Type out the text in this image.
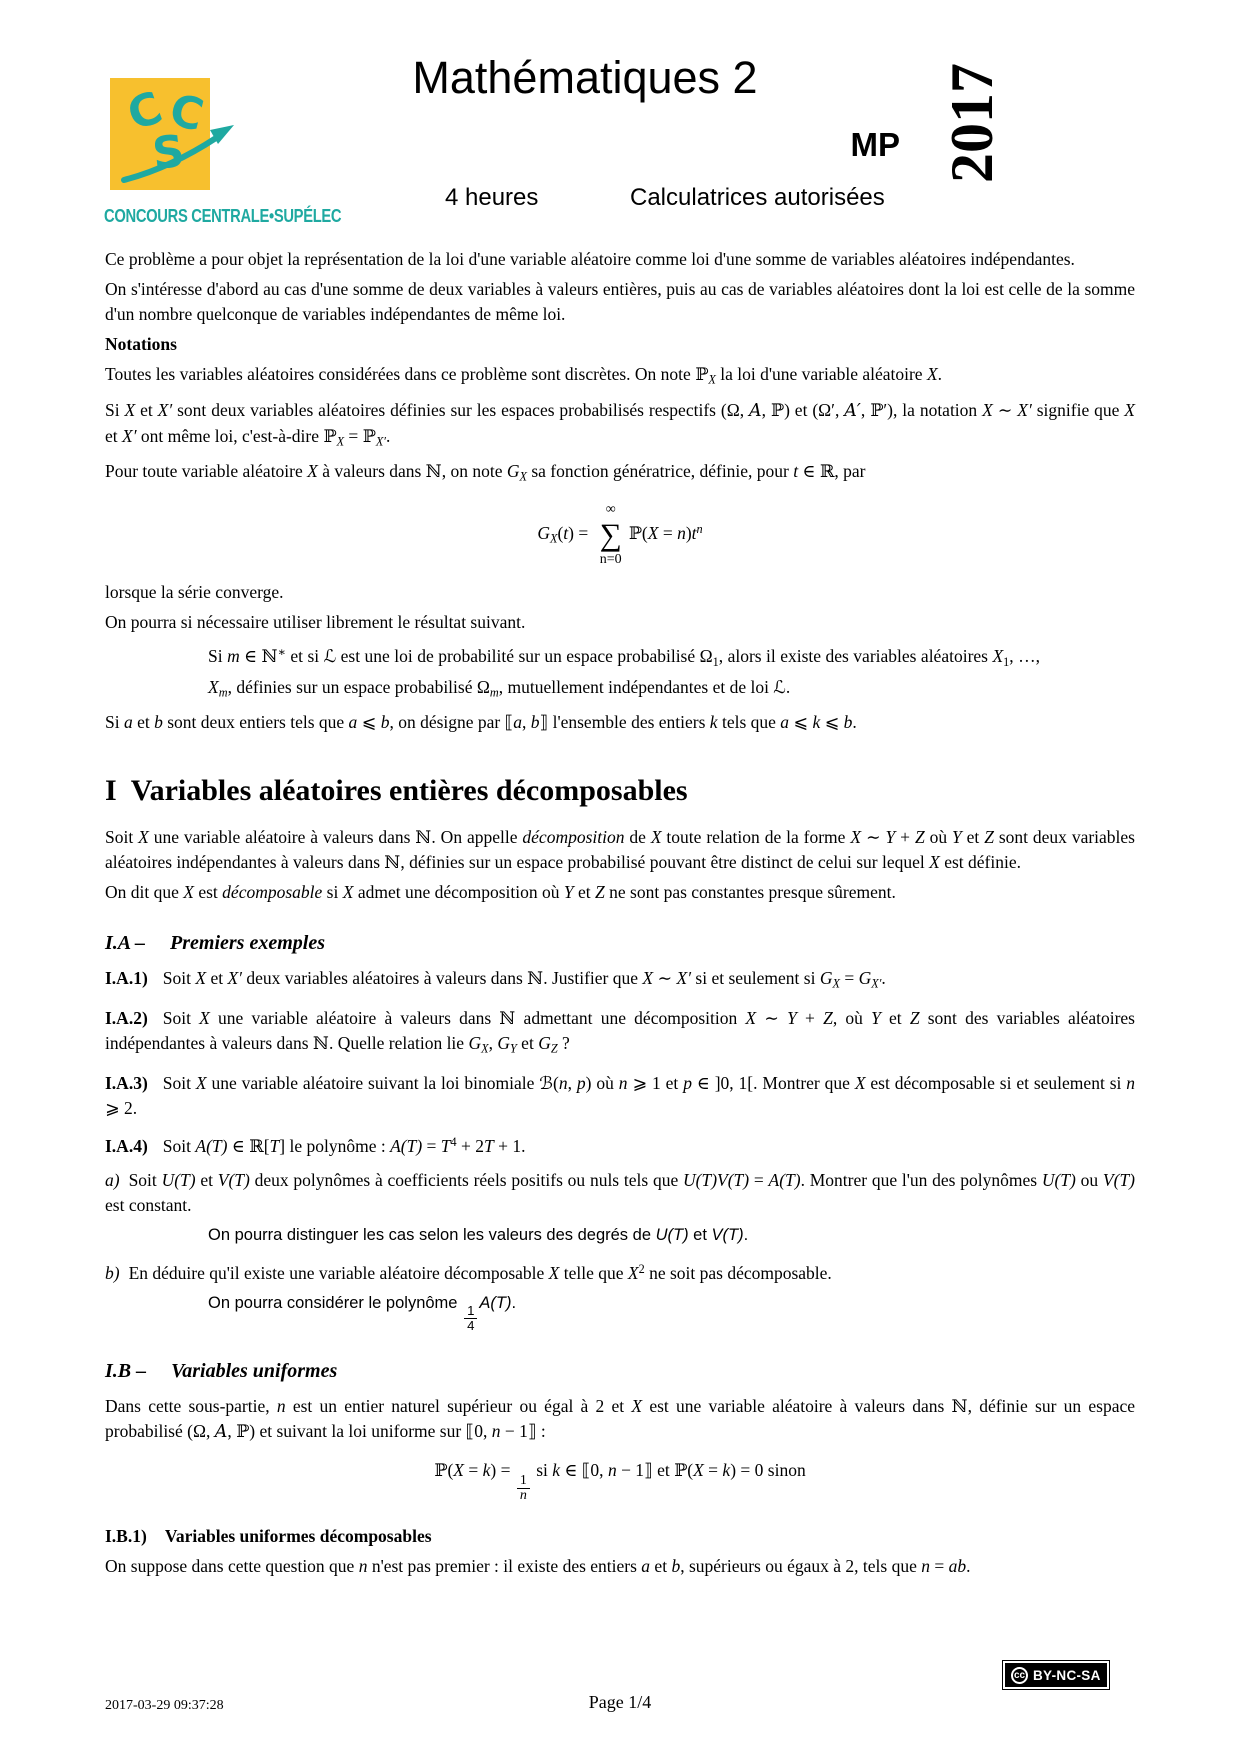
C
C
S
CONCOURS CENTRALE•SUPÉLEC
Mathématiques 2
MP 2017
4 heures	Calculatrices autorisées
Ce problème a pour objet la représentation de la loi d'une variable aléatoire comme loi d'une somme de variables aléatoires indépendantes.
On s'intéresse d'abord au cas d'une somme de deux variables à valeurs entières, puis au cas de variables aléatoires dont la loi est celle de la somme d'un nombre quelconque de variables indépendantes de même loi.
Notations
Toutes les variables aléatoires considérées dans ce problème sont discrètes. On note ℙ$_X$ la loi d'une variable aléatoire X.
Si X et X′ sont deux variables aléatoires définies sur les espaces probabilisés respectifs (Ω, A, ℙ) et (Ω′, A′, ℙ′), la notation X ∼ X′ signifie que X et X′ ont même loi, c'est-à-dire ℙ$_X$ = ℙ$_{X'}$.
Pour toute variable aléatoire X à valeurs dans ℕ, on note $G_X$ sa fonction génératrice, définie, pour t ∈ ℝ, par
$G_X(t)$ =
∞
∑
n=0
ℙ(X = $n)t^n$
lorsque la série converge.
On pourra si nécessaire utiliser librement le résultat suivant.
Si m ∈ ℕ∗ et si ℒ est une loi de probabilité sur un espace probabilisé $\Omega_1$, alors il existe des variables aléatoires $X_1$, …, $X_m$, définies sur un espace probabilisé $\Omega_m$, mutuellement indépendantes et de loi ℒ.
Si a et b sont deux entiers tels que a ⩽ b, on désigne par ⟦a, b⟧ l'ensemble des entiers k tels que a ⩽ k ⩽ b.
I Variables aléatoires entières décomposables
Soit X une variable aléatoire à valeurs dans ℕ. On appelle décomposition de X toute relation de la forme X ∼ Y + Z où Y et Z sont deux variables aléatoires indépendantes à valeurs dans ℕ, définies sur un espace probabilisé pouvant être distinct de celui sur lequel X est définie.
On dit que X est décomposable si X admet une décomposition où Y et Z ne sont pas constantes presque sûrement.
I.A – Premiers exemples
I.A.1) Soit X et X′ deux variables aléatoires à valeurs dans ℕ. Justifier que X ∼ X′ si et seulement si $G_X = G_{X'}$.
I.A.2) Soit X une variable aléatoire à valeurs dans ℕ admettant une décomposition X ∼ Y + Z, où Y et Z sont des variables aléatoires indépendantes à valeurs dans ℕ. Quelle relation lie $G_X$, $G_Y$ et $G_Z$ ?
I.A.3) Soit X une variable aléatoire suivant la loi binomiale ℬ(n, p) où n ⩾ 1 et p ∈ ]0, 1[. Montrer que X est décomposable si et seulement si n ⩾ 2.
I.A.4) Soit A(T) ∈ ℝ[T] le polynôme : $A(T) = T^4 + 2T + 1$.
a) Soit U(T) et V(T) deux polynômes à coefficients réels positifs ou nuls tels que U(T)V(T) = A(T). Montrer que l'un des polynômes U(T) ou V(T) est constant.
On pourra distinguer les cas selon les valeurs des degrés de U(T) et V(T).
b) En déduire qu'il existe une variable aléatoire décomposable X telle que $X^2$ ne soit pas décomposable.
On pourra considérer le polynôme
$\frac{1}{4}$
A(T).
I.B – Variables uniformes
Dans cette sous-partie, n est un entier naturel supérieur ou égal à 2 et X est une variable aléatoire à valeurs dans ℕ, définie sur un espace probabilisé (Ω, A, ℙ) et suivant la loi uniforme sur ⟦0, n − 1⟧ :
ℙ(X = k) =
$\frac{1}{n}$
si k ∈ ⟦0, n − 1⟧ et ℙ(X = k) = 0 sinon
I.B.1) Variables uniformes décomposables
On suppose dans cette question que n n'est pas premier : il existe des entiers a et b, supérieurs ou égaux à 2, tels que n = ab.
2017-03-29 09:37:28	Page 1/4
cc BY-NC-SA
